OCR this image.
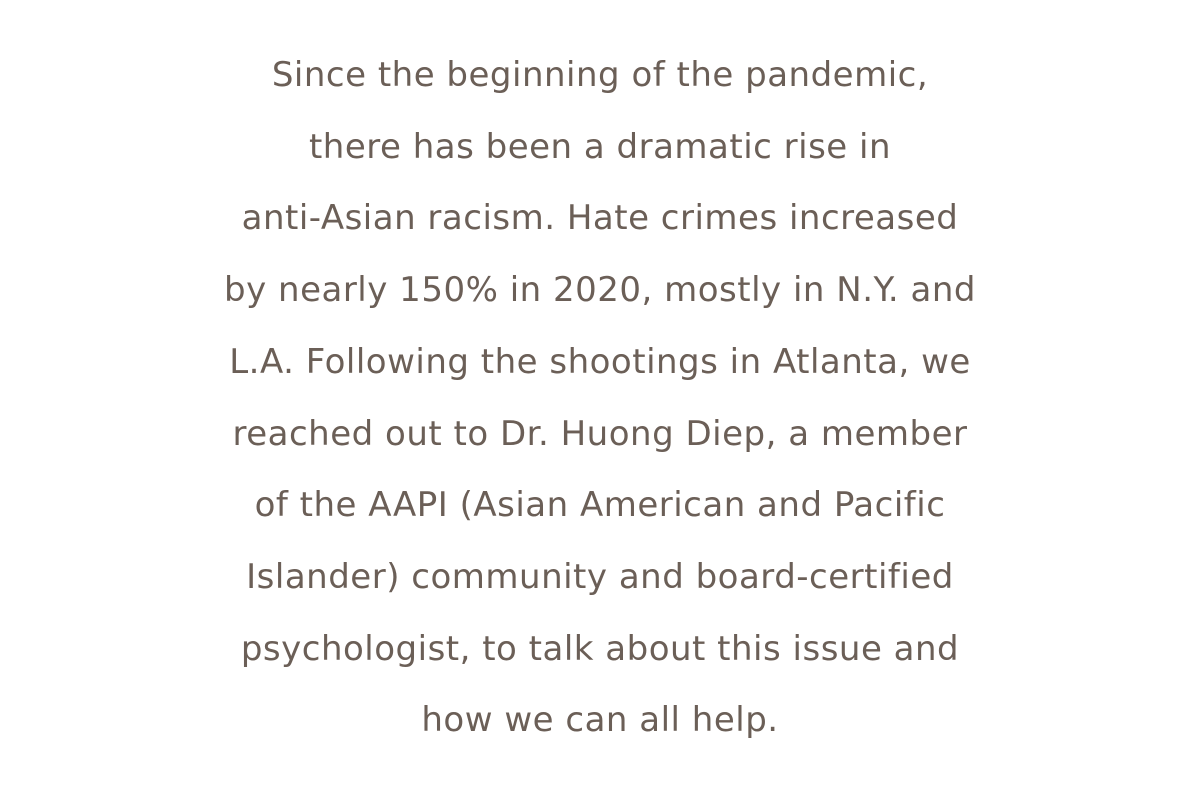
Since the beginning of the pandemic,
there has been a dramatic rise in
anti-Asian racism. Hate crimes increased
by nearly 150% in 2020, mostly in N.Y. and
L.A. Following the shootings in Atlanta, we
reached out to Dr. Huong Diep, a member
of the AAPI (Asian American and Pacific
Islander) community and board-certified
psychologist, to talk about this issue and
how we can all help.
